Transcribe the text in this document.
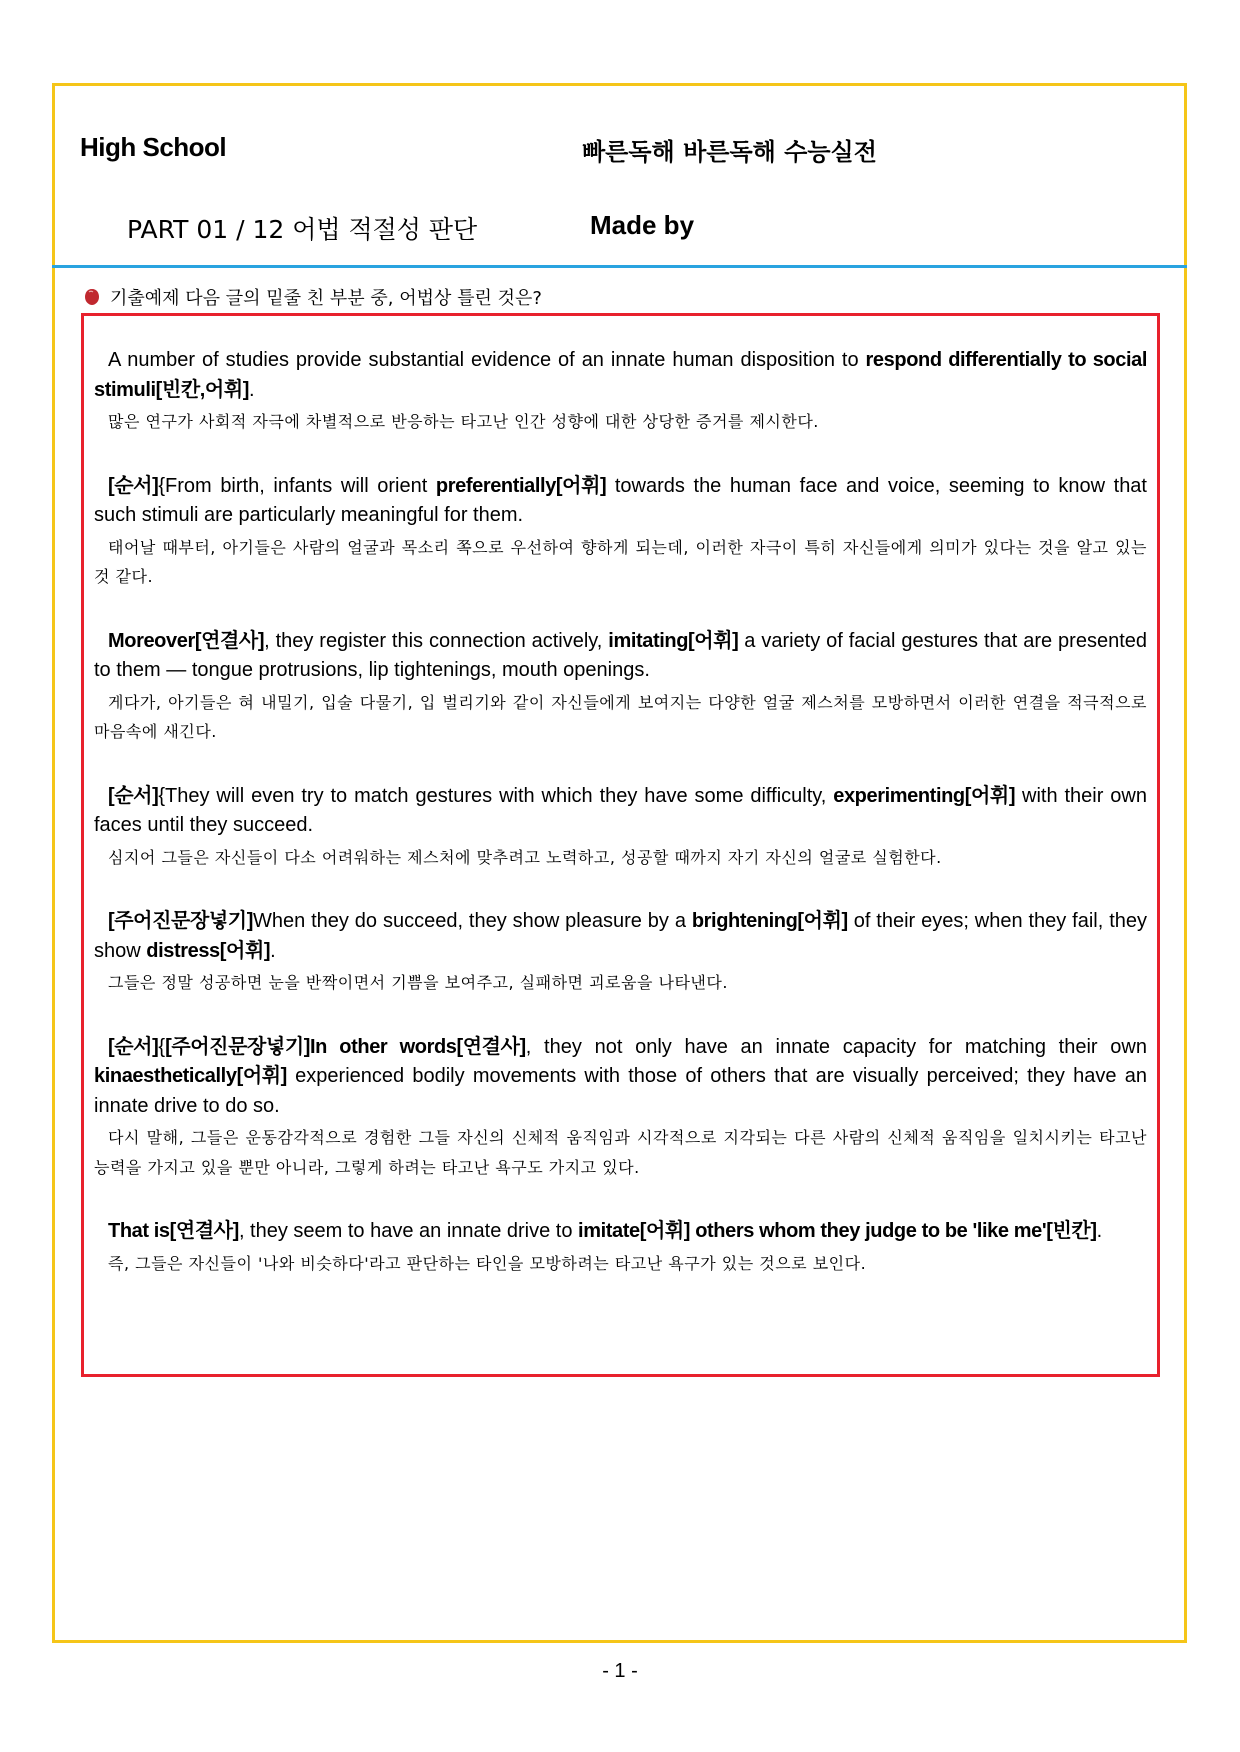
High School	빠른독해 바른독해 수능실전
PART 01 / 12 어법 적절성 판단	Made by
기출예제 다음 글의 밑줄 친 부분 중, 어법상 틀린 것은?
A number of studies provide substantial evidence of an innate human disposition to respond differentially to social stimuli[빈칸,어휘].
많은 연구가 사회적 자극에 차별적으로 반응하는 타고난 인간 성향에 대한 상당한 증거를 제시한다.
[순서]{From birth, infants will orient preferentially[어휘] towards the human face and voice, seeming to know that such stimuli are particularly meaningful for them.
태어날 때부터, 아기들은 사람의 얼굴과 목소리 쪽으로 우선하여 향하게 되는데, 이러한 자극이 특히 자신들에게 의미가 있다는 것을 알고 있는 것 같다.
Moreover[연결사], they register this connection actively, imitating[어휘] a variety of facial gestures that are presented to them — tongue protrusions, lip tightenings, mouth openings.
게다가, 아기들은 혀 내밀기, 입술 다물기, 입 벌리기와 같이 자신들에게 보여지는 다양한 얼굴 제스처를 모방하면서 이러한 연결을 적극적으로 마음속에 새긴다.
[순서]{They will even try to match gestures with which they have some difficulty, experimenting[어휘] with their own faces until they succeed.
심지어 그들은 자신들이 다소 어려워하는 제스처에 맞추려고 노력하고, 성공할 때까지 자기 자신의 얼굴로 실험한다.
[주어진문장넣기]When they do succeed, they show pleasure by a brightening[어휘] of their eyes; when they fail, they show distress[어휘].
그들은 정말 성공하면 눈을 반짝이면서 기쁨을 보여주고, 실패하면 괴로움을 나타낸다.
[순서]{[주어진문장넣기]In other words[연결사], they not only have an innate capacity for matching their own kinaesthetically[어휘] experienced bodily movements with those of others that are visually perceived; they have an innate drive to do so.
다시 말해, 그들은 운동감각적으로 경험한 그들 자신의 신체적 움직임과 시각적으로 지각되는 다른 사람의 신체적 움직임을 일치시키는 타고난 능력을 가지고 있을 뿐만 아니라, 그렇게 하려는 타고난 욕구도 가지고 있다.
That is[연결사], they seem to have an innate drive to imitate[어휘] others whom they judge to be 'like me'[빈칸].
즉, 그들은 자신들이 '나와 비슷하다'라고 판단하는 타인을 모방하려는 타고난 욕구가 있는 것으로 보인다.
- 1 -
